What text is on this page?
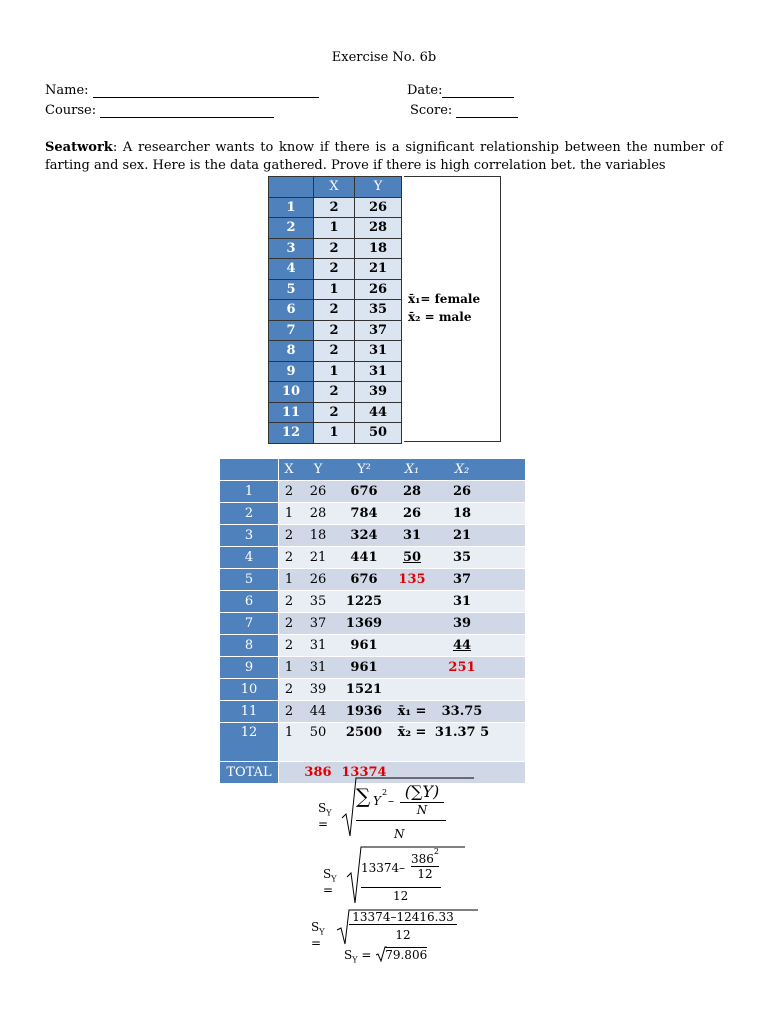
Exercise No. 6b
Name:	Date:
Course:	Score:
Seatwork: A researcher wants to know if there is a significant relationship between the number of farting and sex. Here is the data gathered. Prove if there is high correlation bet. the variables
	X	Y
1	2	26
2	1	28
3	2	18
4	2	21
5	1	26
6	2	35
7	2	37
8	2	31
9	1	31
10	2	39
11	2	44
12	1	50
x̄₁= female
x̄₂ = male
	X	Y	Y²	X₁	X₂	
1	2	26	676	28	26	
2	1	28	784	26	18	
3	2	18	324	31	21	
4	2	21	441	50	35	
5	1	26	676	135	37	
6	2	35	1225		31	
7	2	37	1369		39	
8	2	31	961		44	
9	1	31	961		251	
10	2	39	1521			
11	2	44	1936	x̄₁ =	33.75	
12	1	50	2500	x̄₂ =	31.37 5	
TOTAL		386	13374			
$S_Y$ =
∑ Y
2
– (∑Y)
N
N
$S_Y$ =
13374 –
$386^2$
12
12
$S_Y$ =
13374–12416.33
12
$S_Y = 79.806$
